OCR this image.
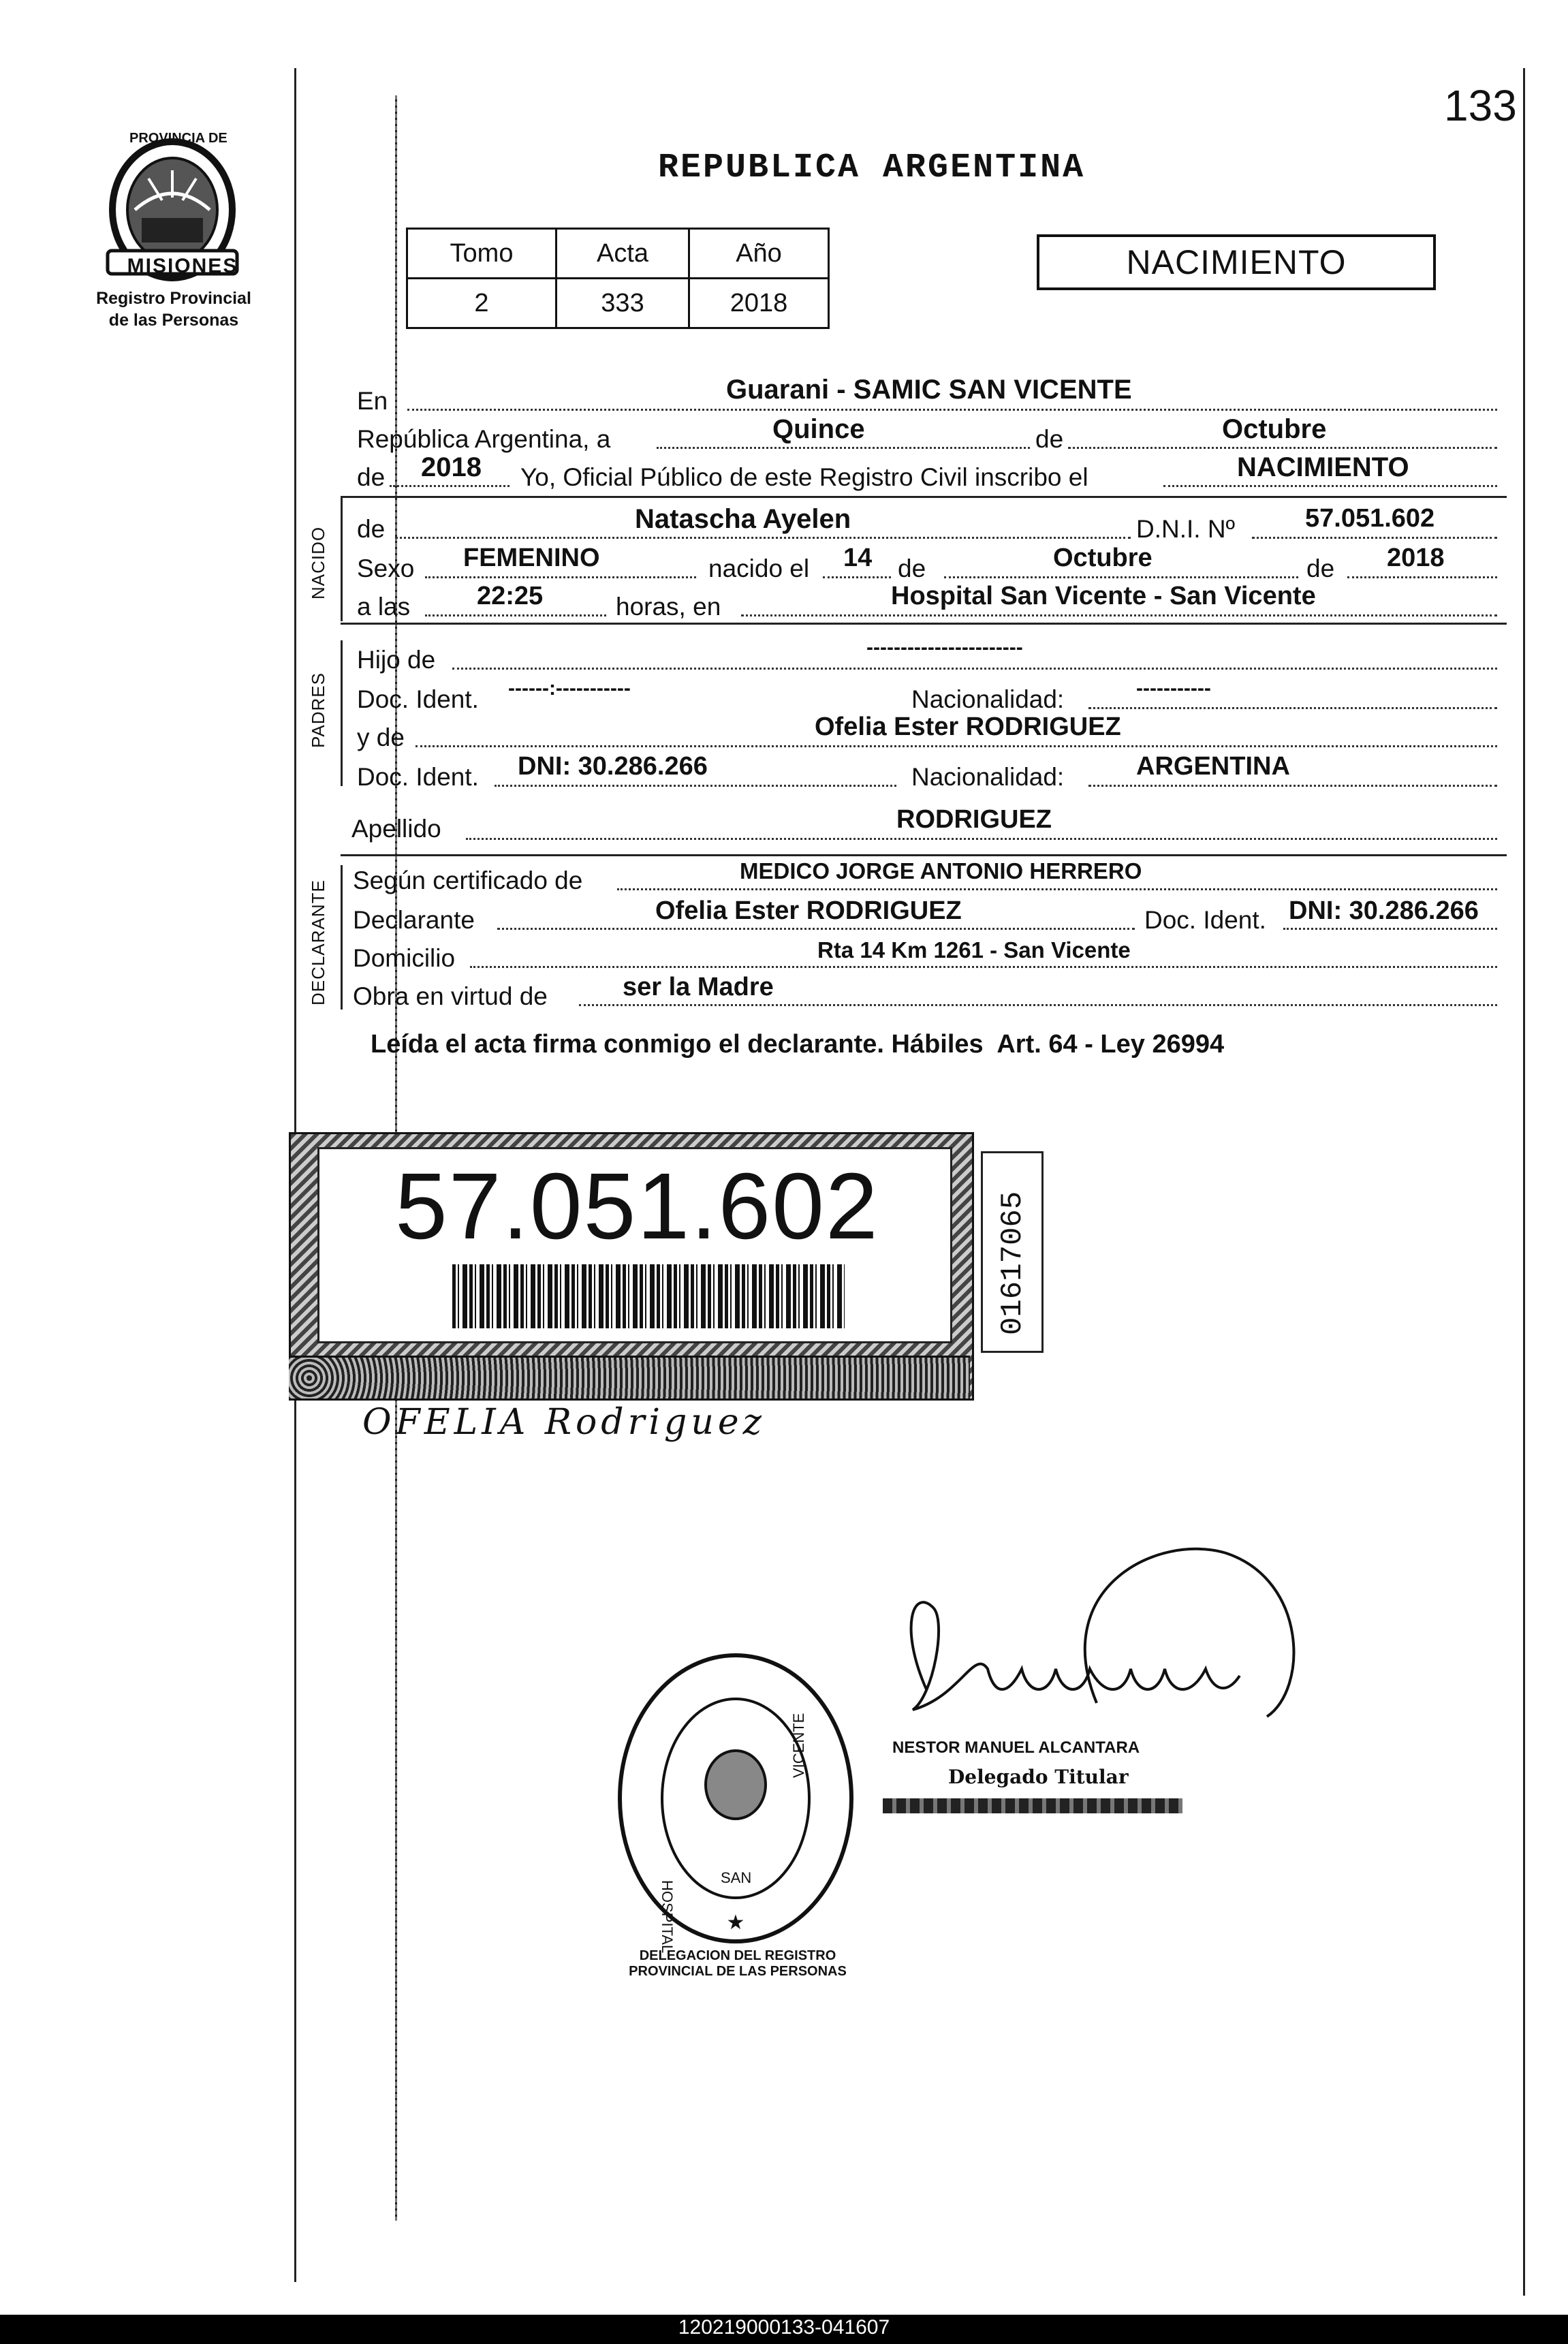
133
PROVINCIA DE
MISIONES
Registro Provincial
de las Personas
REPUBLICA ARGENTINA
Tomo	Acta	Año
2	333	2018
NACIMIENTO
En	Guarani - SAMIC SAN VICENTE
República Argentina, a	Quince	de	Octubre
de 2018 Yo, Oficial Público de este Registro Civil inscribo el	NACIMIENTO
NACIDO de	Natascha Ayelen	D.N.I. Nº	57.051.602
Sexo FEMENINO	nacido el 14 de	Octubre	de 2018
a las	22:25	horas, en	Hospital San Vicente - San Vicente
PADRES
Hijo de	-----------------------
Doc. Ident. ------:-----------	Nacionalidad:	-----------
y de	Ofelia Ester RODRIGUEZ
Doc. Ident. DNI: 30.286.266	Nacionalidad:	ARGENTINA
Apellido	RODRIGUEZ
DECLARANTE Según certificado de	MEDICO JORGE ANTONIO HERRERO
Declarante	Ofelia Ester RODRIGUEZ	Doc. Ident. DNI: 30.286.266
Domicilio	Rta 14 Km 1261 - San Vicente
Obra en virtud de	ser la Madre
Leída el acta firma conmigo el declarante. Hábiles  Art. 64 - Ley 26994
57.051.602	01617065
OFELIA Rodriguez
★
DELEGACION DEL REGISTRO PROVINCIAL DE LAS PERSONAS
HOSPITAL
SAN
VICENTE	NESTOR MANUEL ALCANTARA
Delegado Titular
120219000133-041607
